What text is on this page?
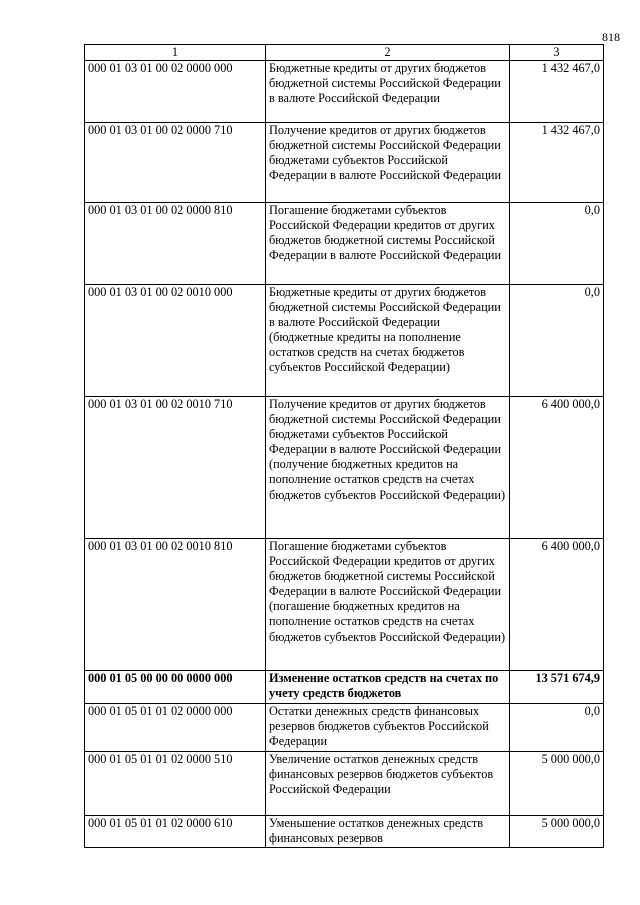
818
1	2	3
000 01 03 01 00 02 0000 000	Бюджетные кредиты от других бюджетов бюджетной системы Российской Федерации в валюте Российской Федерации	1 432 467,0
000 01 03 01 00 02 0000 710	Получение кредитов от других бюджетов бюджетной системы Российской Федерации бюджетами субъектов Российской Федерации в валюте Российской Федерации	1 432 467,0
000 01 03 01 00 02 0000 810	Погашение бюджетами субъектов Российской Федерации кредитов от других бюджетов бюджетной системы Российской Федерации в валюте Российской Федерации	0,0
000 01 03 01 00 02 0010 000	Бюджетные кредиты от других бюджетов бюджетной системы Российской Федерации в валюте Российской Федерации (бюджетные кредиты на пополнение остатков средств на счетах бюджетов субъектов Российской Федерации)	0,0
000 01 03 01 00 02 0010 710	Получение кредитов от других бюджетов бюджетной системы Российской Федерации бюджетами субъектов Российской Федерации в валюте Российской Федерации (получение бюджетных кредитов на пополнение остатков средств на счетах бюджетов субъектов Российской Федерации)	6 400 000,0
000 01 03 01 00 02 0010 810	Погашение бюджетами субъектов Российской Федерации кредитов от других бюджетов бюджетной системы Российской Федерации в валюте Российской Федерации (погашение бюджетных кредитов на пополнение остатков средств на счетах бюджетов субъектов Российской Федерации)	6 400 000,0
000 01 05 00 00 00 0000 000	Изменение остатков средств на счетах по учету средств бюджетов	13 571 674,9
000 01 05 01 01 02 0000 000	Остатки денежных средств финансовых резервов бюджетов субъектов Российской Федерации	0,0
000 01 05 01 01 02 0000 510	Увеличение остатков денежных средств финансовых резервов бюджетов субъектов Российской Федерации	5 000 000,0
000 01 05 01 01 02 0000 610	Уменьшение остатков денежных средств финансовых резервов	5 000 000,0
